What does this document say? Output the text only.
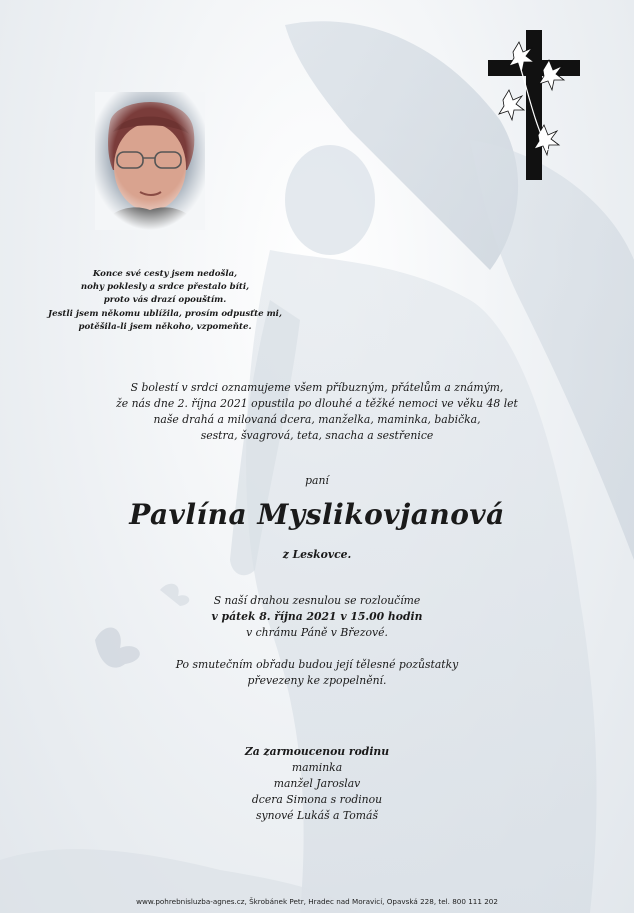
Konce své cesty jsem nedošla,
nohy poklesly a srdce přestalo bíti,
proto vás drazí opouštím.
Jestli jsem někomu ublížila, prosím odpusťte mi,
potěšila-li jsem někoho, vzpomeňte.
S bolestí v srdci oznamujeme všem příbuzným, přátelům a známým,
že nás dne 2. října 2021 opustila po dlouhé a těžké nemoci ve věku 48 let
naše drahá a milovaná dcera, manželka, maminka, babička,
sestra, švagrová, teta, snacha a sestřenice
paní
Pavlína Myslikovjanová
z Leskovce.
S naší drahou zesnulou se rozloučíme
v pátek 8. října 2021 v 15.00 hodin
v chrámu Páně v Březové.
Po smutečním obřadu budou její tělesné pozůstatky
převezeny ke zpopelnění.
Za zarmoucenou rodinu
maminka
manžel Jaroslav
dcera Simona s rodinou
synové Lukáš a Tomáš
www.pohrebnisluzba-agnes.cz, Škrobánek Petr, Hradec nad Moravicí, Opavská 228, tel. 800 111 202
